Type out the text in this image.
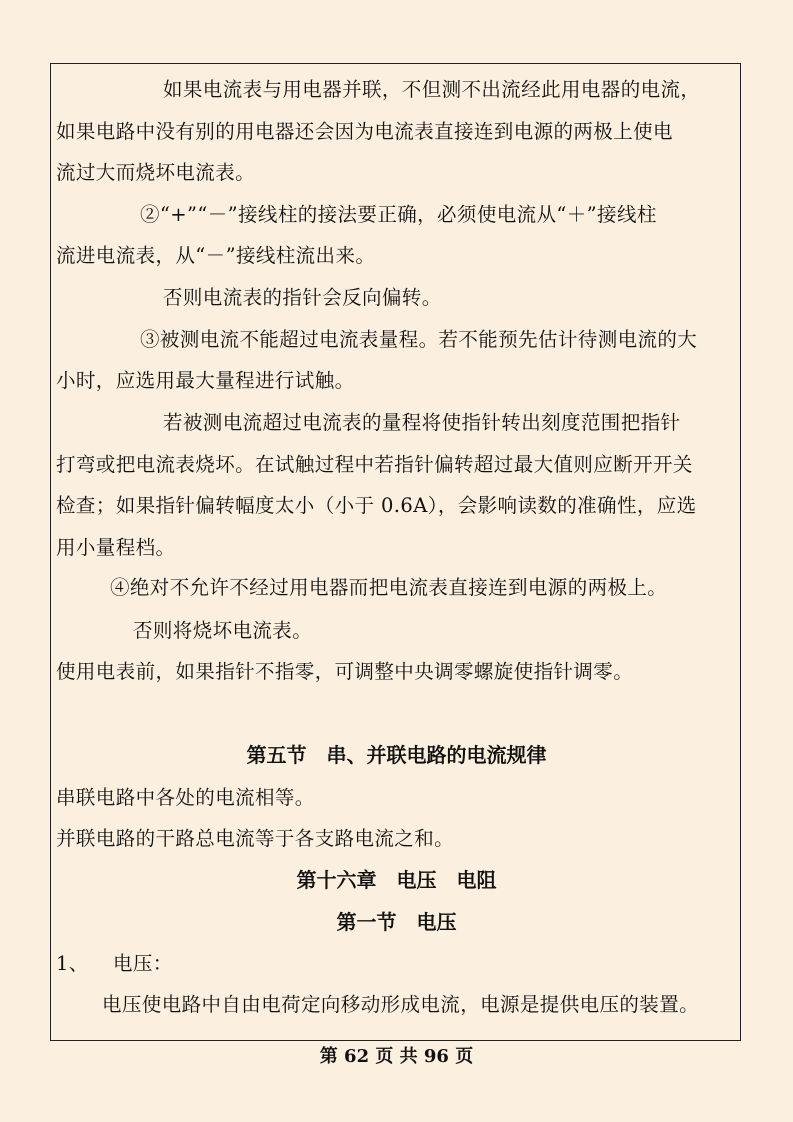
如果电流表与用电器并联，不但测不出流经此用电器的电流，
如果电路中没有别的用电器还会因为电流表直接连到电源的两极上使电
流过大而烧坏电流表。
②“+”“－”接线柱的接法要正确，必须使电流从“＋”接线柱
流进电流表，从“－”接线柱流出来。
否则电流表的指针会反向偏转。
③被测电流不能超过电流表量程。若不能预先估计待测电流的大
小时，应选用最大量程进行试触。
若被测电流超过电流表的量程将使指针转出刻度范围把指针
打弯或把电流表烧坏。在试触过程中若指针偏转超过最大值则应断开开关
检查；如果指针偏转幅度太小（小于 0.6A），会影响读数的准确性，应选
用小量程档。
④绝对不允许不经过用电器而把电流表直接连到电源的两极上。
否则将烧坏电流表。
使用电表前，如果指针不指零，可调整中央调零螺旋使指针调零。
第五节　串、并联电路的电流规律
串联电路中各处的电流相等。
并联电路的干路总电流等于各支路电流之和。
第十六章　电压　电阻
第一节　电压
1、 电压：
电压使电路中自由电荷定向移动形成电流，电源是提供电压的装置。
第 62 页 共 96 页
